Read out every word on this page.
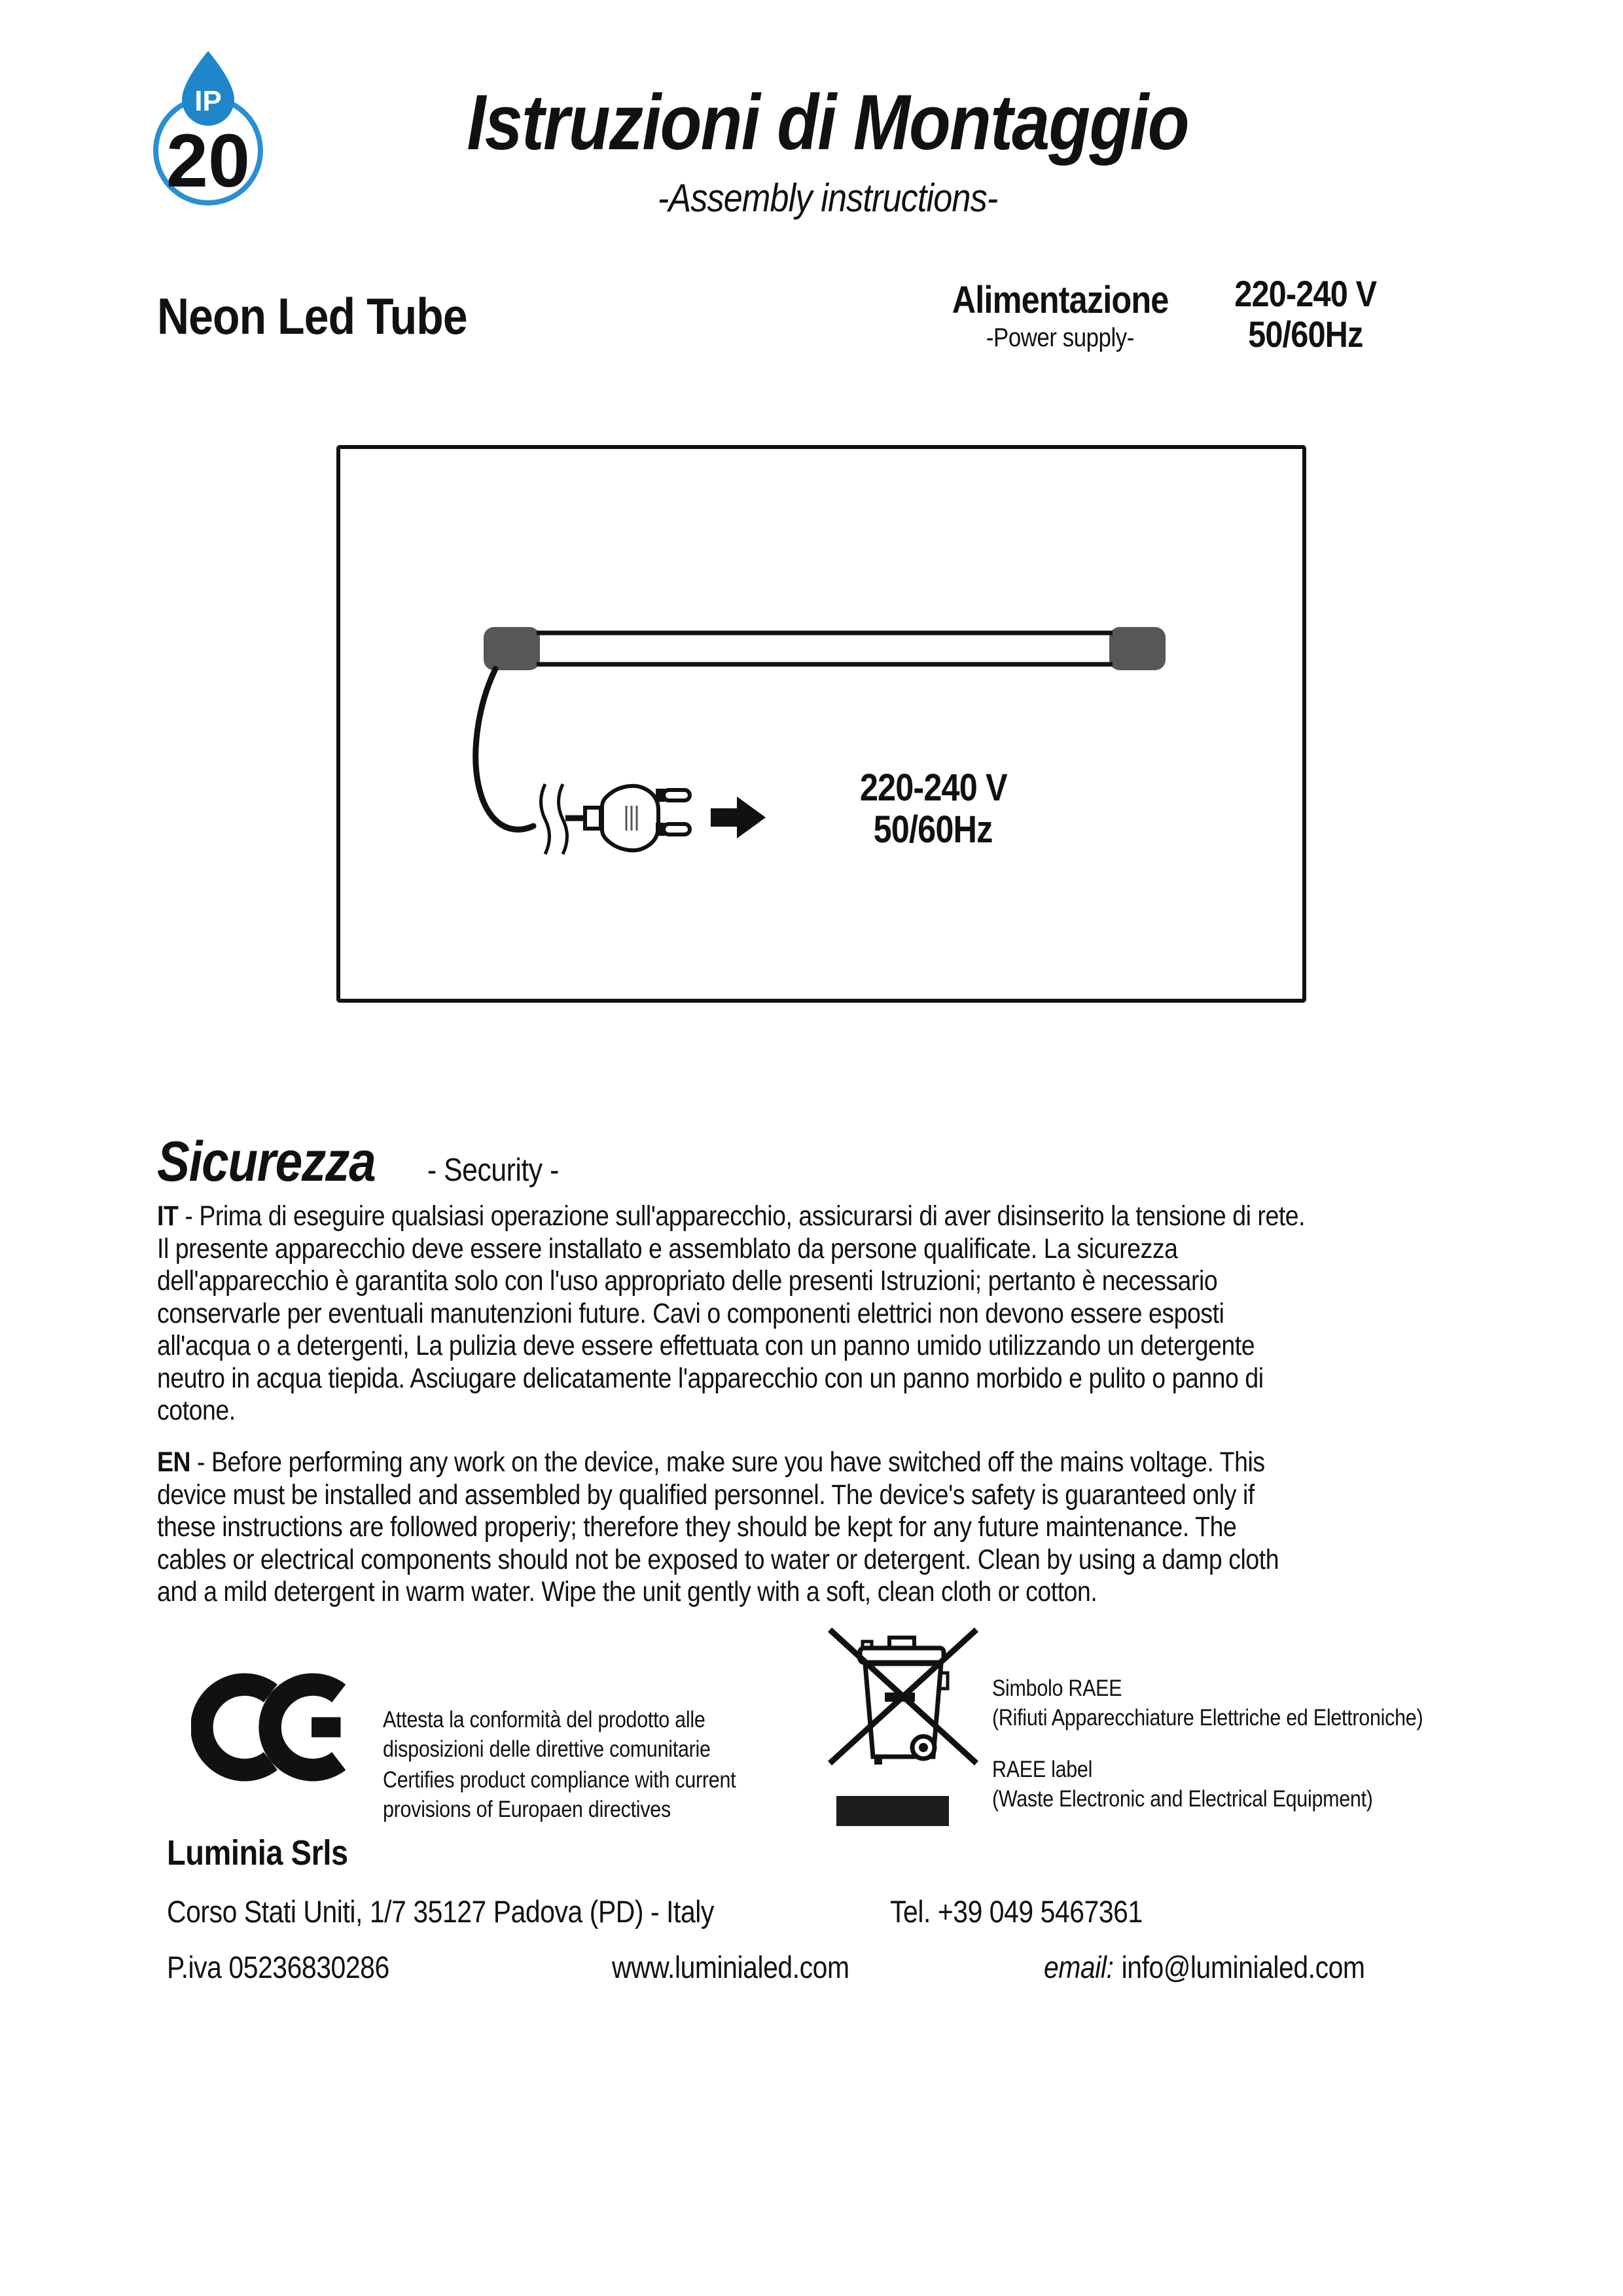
IP
20	Istruzioni di Montaggio
-Assembly instructions-
Neon Led Tube	Alimentazione
-Power supply-
220-240 V
50/60Hz
220-240 V
50/60Hz
Sicurezza - Security -

IT - Prima di eseguire qualsiasi operazione sull'apparecchio, assicurarsi di aver disinserito la tensione di rete.
Il presente apparecchio deve essere installato e assemblato da persone qualificate. La sicurezza
dell'apparecchio è garantita solo con l'uso appropriato delle presenti Istruzioni; pertanto è necessario
conservarle per eventuali manutenzioni future. Cavi o componenti elettrici non devono essere esposti
all'acqua o a detergenti, La pulizia deve essere effettuata con un panno umido utilizzando un detergente
neutro in acqua tiepida. Asciugare delicatamente l'apparecchio con un panno morbido e pulito o panno di
cotone.

EN - Before performing any work on the device, make sure you have switched off the mains voltage. This
device must be installed and assembled by qualified personnel. The device's safety is guaranteed only if
these instructions are followed properiy; therefore they should be kept for any future maintenance. The
cables or electrical components should not be exposed to water or detergent. Clean by using a damp cloth
and a mild detergent in warm water. Wipe the unit gently with a soft, clean cloth or cotton.

Attesta la conformità del prodotto alle
disposizioni delle direttive comunitarie

Certifies product compliance with current
provisions of Europaen directives

Simbolo RAEE
(Rifiuti Apparecchiature Elettriche ed Elettroniche)

RAEE label
(Waste Electronic and Electrical Equipment)

Luminia Srls
Corso Stati Uniti, 1/7 35127 Padova (PD) - Italy	Tel. +39 049 5467361
P.iva 05236830286	www.luminialed.com	email: info@luminialed.com
